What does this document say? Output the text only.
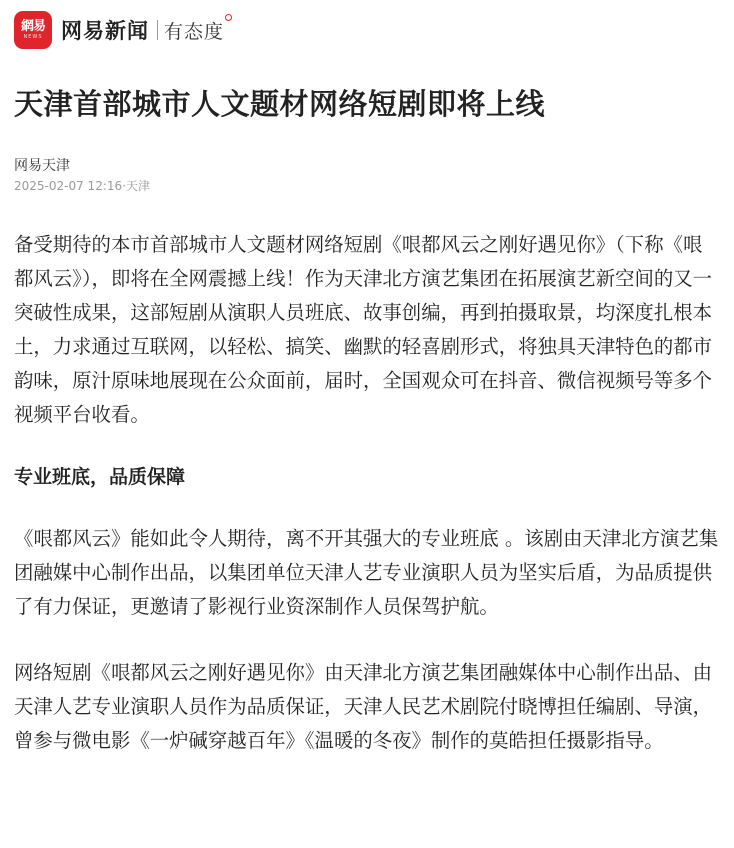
網易
NEWS 网易新闻 有态度
天津首部城市人文题材网络短剧即将上线
网易天津
2025-02-07 12:16·天津

备受期待的本市首部城市人文题材网络短剧《哏都风云之刚好遇见你》（下称《哏都风云》），即将在全网震撼上线！作为天津北方演艺集团在拓展演艺新空间的又一突破性成果，这部短剧从演职人员班底、故事创编，再到拍摄取景，均深度扎根本土，力求通过互联网，以轻松、搞笑、幽默的轻喜剧形式，将独具天津特色的都市韵味，原汁原味地展现在公众面前，届时，全国观众可在抖音、微信视频号等多个视频平台收看。

专业班底，品质保障

《哏都风云》能如此令人期待，离不开其强大的专业班底 。该剧由天津北方演艺集团融媒中心制作出品，以集团单位天津人艺专业演职人员为坚实后盾，为品质提供了有力保证，更邀请了影视行业资深制作人员保驾护航。

网络短剧《哏都风云之刚好遇见你》由天津北方演艺集团融媒体中心制作出品、由天津人艺专业演职人员作为品质保证，天津人民艺术剧院付晓博担任编剧、导演，曾参与微电影《一炉碱穿越百年》《温暖的冬夜》制作的莫皓担任摄影指导。
